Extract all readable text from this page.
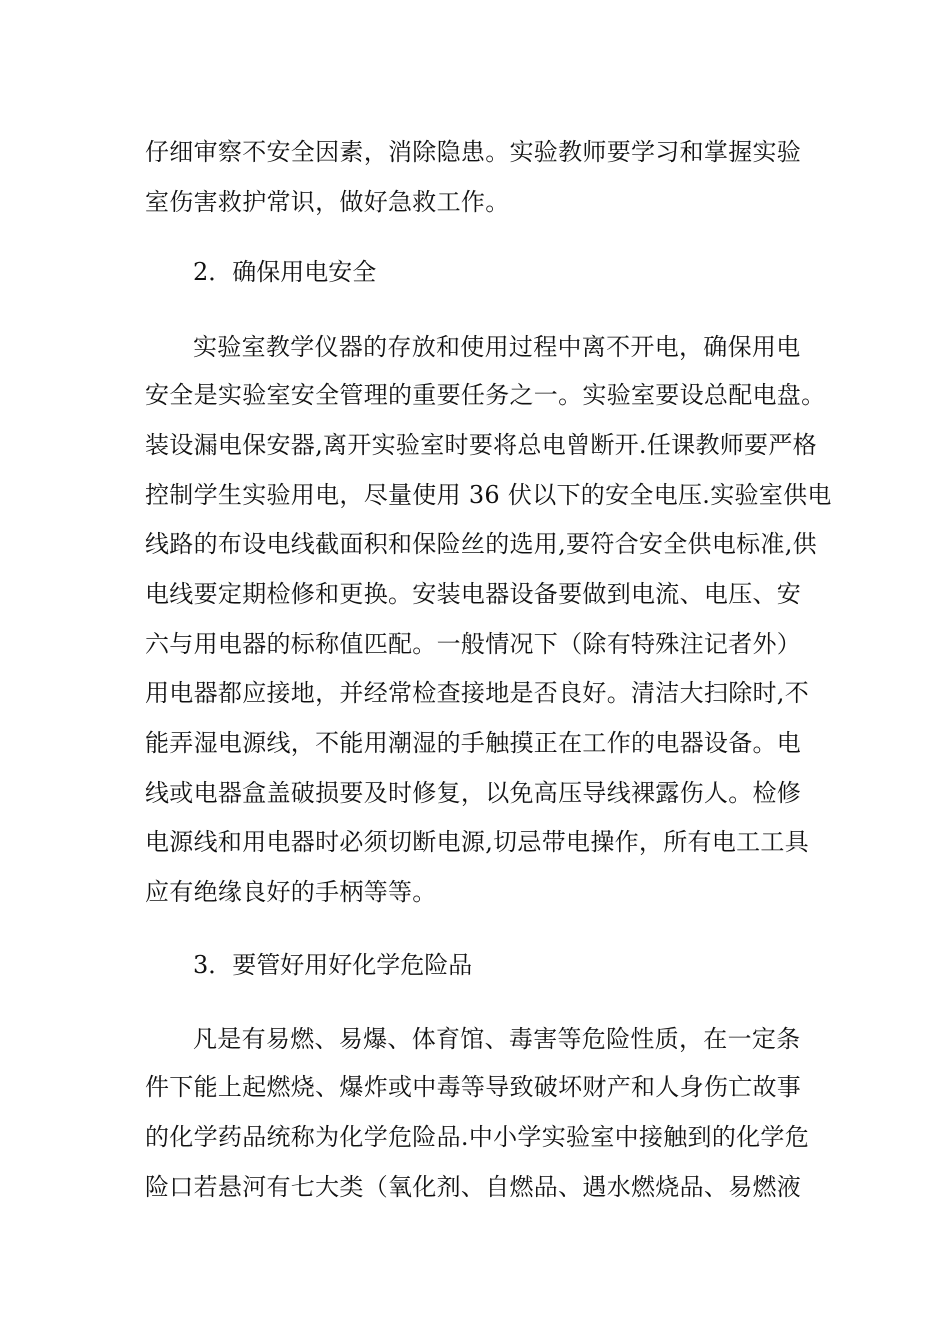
仔细审察不安全因素，消除隐患。实验教师要学习和掌握实验
室伤害救护常识，做好急救工作。
2．确保用电安全
实验室教学仪器的存放和使用过程中离不开电，确保用电
安全是实验室安全管理的重要任务之一。实验室要设总配电盘。
装设漏电保安器,离开实验室时要将总电曾断开.任课教师要严格
控制学生实验用电，尽量使用 36 伏以下的安全电压.实验室供电
线路的布设电线截面积和保险丝的选用,要符合安全供电标准,供
电线要定期检修和更换。安装电器设备要做到电流、电压、安
六与用电器的标称值匹配。一般情况下（除有特殊注记者外）
用电器都应接地，并经常检查接地是否良好。清洁大扫除时,不
能弄湿电源线，不能用潮湿的手触摸正在工作的电器设备。电
线或电器盒盖破损要及时修复，以免高压导线裸露伤人。检修
电源线和用电器时必须切断电源,切忌带电操作，所有电工工具
应有绝缘良好的手柄等等。
3．要管好用好化学危险品
凡是有易燃、易爆、体育馆、毒害等危险性质，在一定条
件下能上起燃烧、爆炸或中毒等导致破坏财产和人身伤亡故事
的化学药品统称为化学危险品.中小学实验室中接触到的化学危
险口若悬河有七大类（氧化剂、自燃品、遇水燃烧品、易燃液
